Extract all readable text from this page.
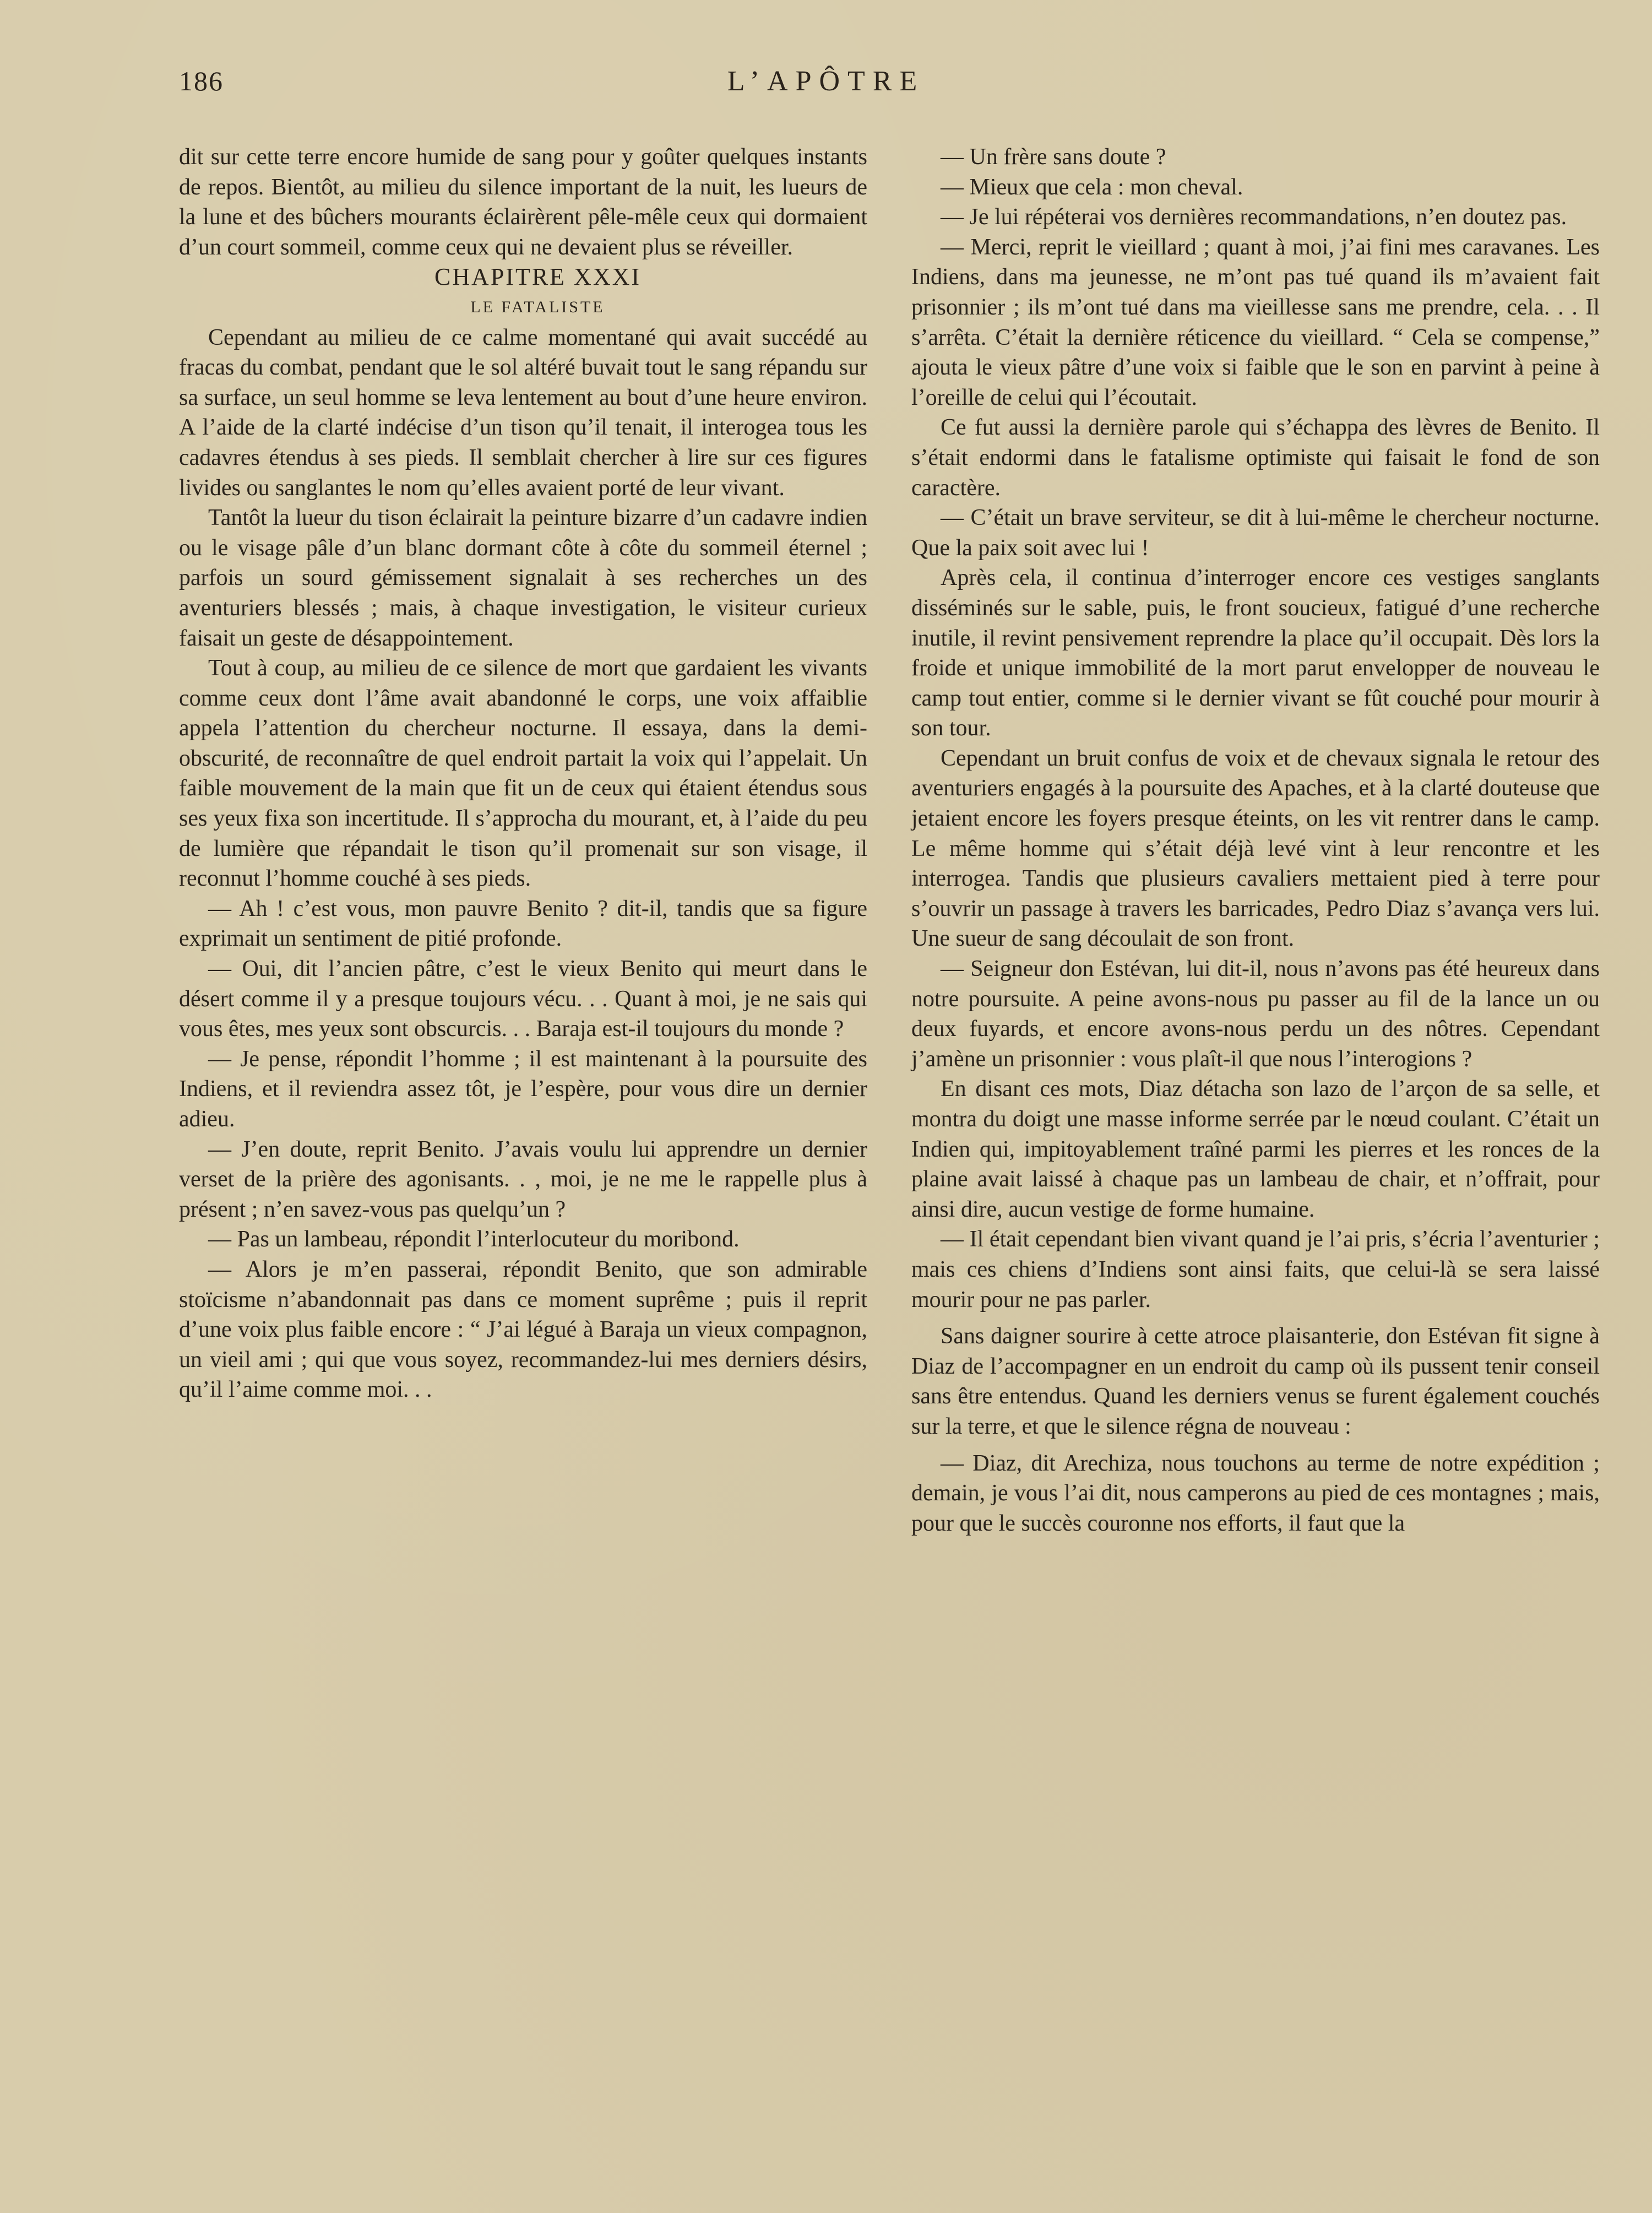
186	L’APÔTRE

dit sur cette terre encore humide de sang pour y goûter quelques instants de repos. Bientôt, au milieu du silence important de la nuit, les lueurs de la lune et des bûchers mourants éclairèrent pêle-mêle ceux qui dormaient d’un court sommeil, comme ceux qui ne devaient plus se réveiller.

CHAPITRE XXXI

LE FATALISTE

Cependant au milieu de ce calme momentané qui avait succédé au fracas du combat, pendant que le sol altéré buvait tout le sang répandu sur sa surface, un seul homme se leva lentement au bout d’une heure environ. A l’aide de la clarté indécise d’un tison qu’il tenait, il interogea tous les cadavres étendus à ses pieds. Il semblait chercher à lire sur ces figures livides ou sanglantes le nom qu’elles avaient porté de leur vivant.

Tantôt la lueur du tison éclairait la peinture bizarre d’un cadavre indien ou le visage pâle d’un blanc dormant côte à côte du sommeil éternel ; parfois un sourd gémissement signalait à ses recherches un des aventuriers blessés ; mais, à chaque investigation, le visiteur curieux faisait un geste de désappointement.

Tout à coup, au milieu de ce silence de mort que gardaient les vivants comme ceux dont l’âme avait abandonné le corps, une voix affaiblie appela l’attention du chercheur nocturne. Il essaya, dans la demi-obscurité, de reconnaître de quel endroit partait la voix qui l’appelait. Un faible mouvement de la main que fit un de ceux qui étaient étendus sous ses yeux fixa son incertitude. Il s’approcha du mourant, et, à l’aide du peu de lumière que répandait le tison qu’il promenait sur son visage, il reconnut l’homme couché à ses pieds.

— Ah ! c’est vous, mon pauvre Benito ? dit-il, tandis que sa figure exprimait un sentiment de pitié profonde.

— Oui, dit l’ancien pâtre, c’est le vieux Benito qui meurt dans le désert comme il y a presque toujours vécu. . . Quant à moi, je ne sais qui vous êtes, mes yeux sont obscurcis. . . Baraja est-il toujours du monde ?

— Je pense, répondit l’homme ; il est maintenant à la poursuite des Indiens, et il reviendra assez tôt, je l’espère, pour vous dire un dernier adieu.

— J’en doute, reprit Benito. J’avais voulu lui apprendre un dernier verset de la prière des agonisants. . , moi, je ne me le rappelle plus à présent ; n’en savez-vous pas quelqu’un ?

— Pas un lambeau, répondit l’interlocuteur du moribond.

— Alors je m’en passerai, répondit Benito, que son admirable stoïcisme n’abandonnait pas dans ce moment suprême ; puis il reprit d’une voix plus faible encore : “ J’ai légué à Baraja un vieux compagnon, un vieil ami ; qui que vous soyez, recommandez-lui mes derniers désirs, qu’il l’aime comme moi. . .

— Un frère sans doute ?

— Mieux que cela : mon cheval.

— Je lui répéterai vos dernières recommandations, n’en doutez pas.

— Merci, reprit le vieillard ; quant à moi, j’ai fini mes caravanes. Les Indiens, dans ma jeunesse, ne m’ont pas tué quand ils m’avaient fait prisonnier ; ils m’ont tué dans ma vieillesse sans me prendre, cela. . . Il s’arrêta. C’était la dernière réticence du vieillard. “ Cela se compense,” ajouta le vieux pâtre d’une voix si faible que le son en parvint à peine à l’oreille de celui qui l’écoutait.

Ce fut aussi la dernière parole qui s’échappa des lèvres de Benito. Il s’était endormi dans le fatalisme optimiste qui faisait le fond de son caractère.

— C’était un brave serviteur, se dit à lui-même le chercheur nocturne. Que la paix soit avec lui !

Après cela, il continua d’interroger encore ces vestiges sanglants disséminés sur le sable, puis, le front soucieux, fatigué d’une recherche inutile, il revint pensivement reprendre la place qu’il occupait. Dès lors la froide et unique immobilité de la mort parut envelopper de nouveau le camp tout entier, comme si le dernier vivant se fût couché pour mourir à son tour.

Cependant un bruit confus de voix et de chevaux signala le retour des aventuriers engagés à la poursuite des Apaches, et à la clarté douteuse que jetaient encore les foyers presque éteints, on les vit rentrer dans le camp. Le même homme qui s’était déjà levé vint à leur rencontre et les interrogea. Tandis que plusieurs cavaliers mettaient pied à terre pour s’ouvrir un passage à travers les barricades, Pedro Diaz s’avança vers lui. Une sueur de sang découlait de son front.

— Seigneur don Estévan, lui dit-il, nous n’avons pas été heureux dans notre poursuite. A peine avons-nous pu passer au fil de la lance un ou deux fuyards, et encore avons-nous perdu un des nôtres. Cependant j’amène un prisonnier : vous plaît-il que nous l’interogions ?

En disant ces mots, Diaz détacha son lazo de l’arçon de sa selle, et montra du doigt une masse informe serrée par le nœud coulant. C’était un Indien qui, impitoyablement traîné parmi les pierres et les ronces de la plaine avait laissé à chaque pas un lambeau de chair, et n’offrait, pour ainsi dire, aucun vestige de forme humaine.

— Il était cependant bien vivant quand je l’ai pris, s’écria l’aventurier ; mais ces chiens d’Indiens sont ainsi faits, que celui-là se sera laissé mourir pour ne pas parler.

Sans daigner sourire à cette atroce plaisanterie, don Estévan fit signe à Diaz de l’accompagner en un endroit du camp où ils pussent tenir conseil sans être entendus. Quand les derniers venus se furent également couchés sur la terre, et que le silence régna de nouveau :

— Diaz, dit Arechiza, nous touchons au terme de notre expédition ; demain, je vous l’ai dit, nous camperons au pied de ces montagnes ; mais, pour que le succès couronne nos efforts, il faut que la
